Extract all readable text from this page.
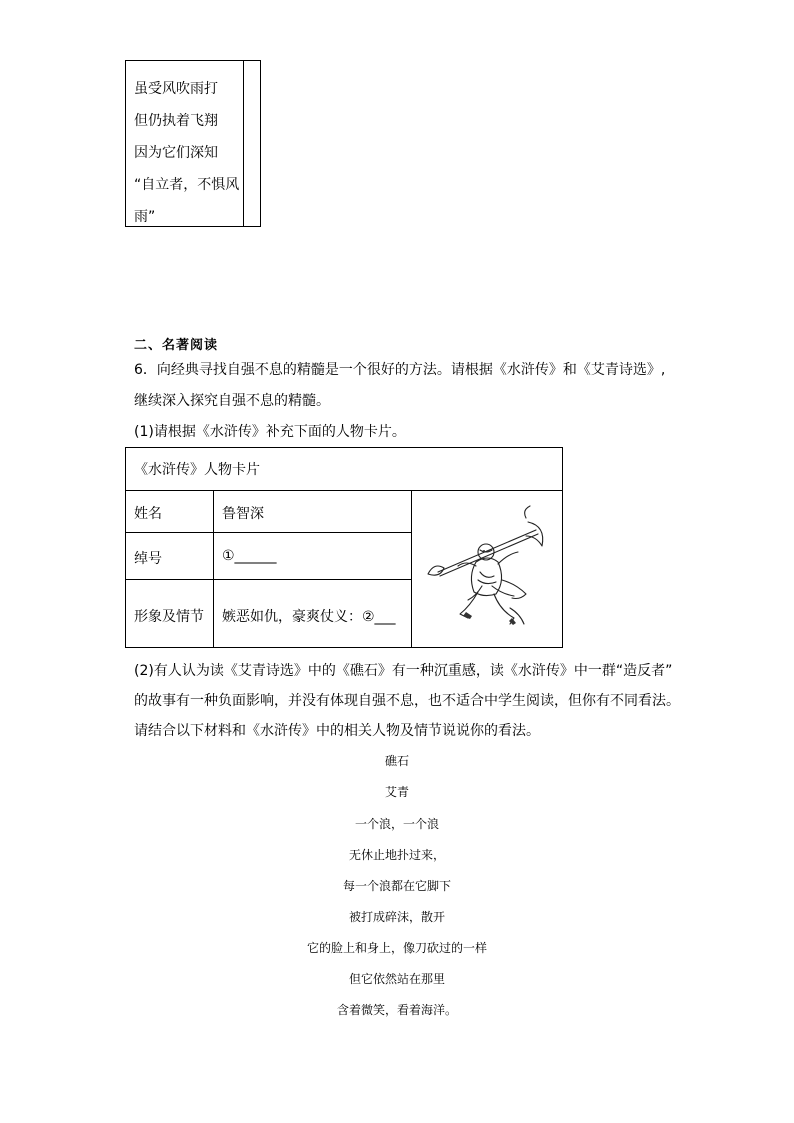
虽受风吹雨打
但仍执着飞翔
因为它们深知
“自立者，不惧风
雨”
二、名著阅读
6．向经典寻找自强不息的精髓是一个很好的方法。请根据《水浒传》和《艾青诗选》,
继续深入探究自强不息的精髓。
(1)请根据《水浒传》补充下面的人物卡片。
《水浒传》人物卡片
姓名	鲁智深
绰号	①______
形象及情节 嫉恶如仇，豪爽仗义：②___
(2)有人认为读《艾青诗选》中的《礁石》有一种沉重感，读《水浒传》中一群“造反者”
的故事有一种负面影响，并没有体现自强不息，也不适合中学生阅读，但你有不同看法。
请结合以下材料和《水浒传》中的相关人物及情节说说你的看法。
礁石
艾青
一个浪，一个浪
无休止地扑过来，
每一个浪都在它脚下
被打成碎沫，散开
它的脸上和身上，像刀砍过的一样
但它依然站在那里
含着微笑，看着海洋。
